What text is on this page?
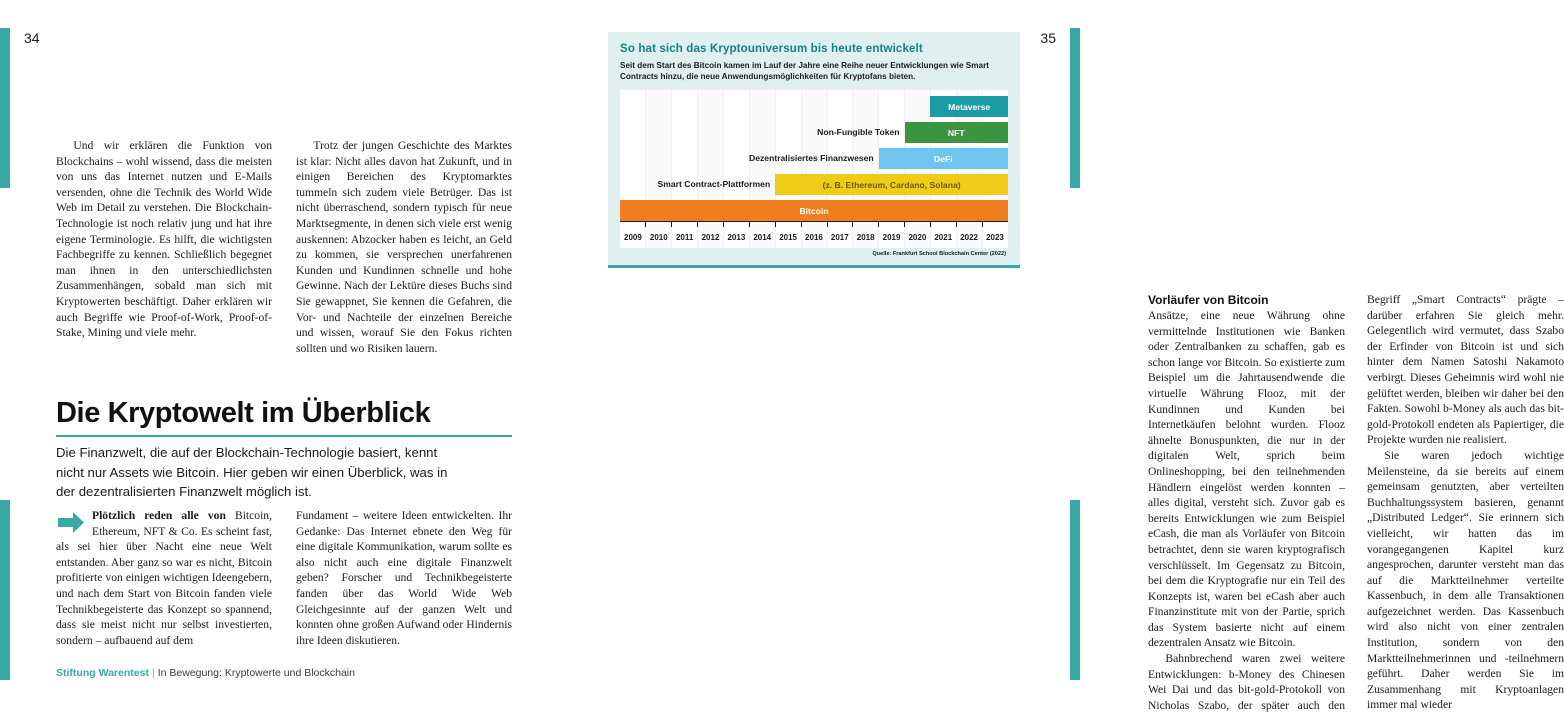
34

Und wir erklären die Funktion von Blockchains – wohl wissend, dass die meisten von uns das Internet nutzen und E-Mails versenden, ohne die Technik des World Wide Web im Detail zu verstehen. Die Blockchain-Technologie ist noch relativ jung und hat ihre eigene Terminologie. Es hilft, die wichtigsten Fachbegriffe zu kennen. Schließlich begegnet man ihnen in den unterschiedlichsten Zusammenhängen, sobald man sich mit Kryptowerten beschäftigt. Daher erklären wir auch Begriffe wie Proof-of-Work, Proof-of-Stake, Mining und viele mehr.

Trotz der jungen Geschichte des Marktes ist klar: Nicht alles davon hat Zukunft, und in einigen Bereichen des Kryptomarktes tummeln sich zudem viele Betrüger. Das ist nicht überraschend, sondern typisch für neue Marktsegmente, in denen sich viele erst wenig auskennen: Abzocker haben es leicht, an Geld zu kommen, sie versprechen unerfahrenen Kunden und Kundinnen schnelle und hohe Gewinne. Nach der Lektüre dieses Buchs sind Sie gewappnet, Sie kennen die Gefahren, die Vor- und Nachteile der einzelnen Bereiche und wissen, worauf Sie den Fokus richten sollten und wo Risiken lauern.

Die Kryptowelt im Überblick
Die Finanzwelt, die auf der Blockchain-Technologie basiert, kennt nicht nur Assets wie Bitcoin. Hier geben wir einen Überblick, was in der dezentralisierten Finanzwelt möglich ist.

Plötzlich reden alle von Bitcoin, Ethereum, NFT & Co. Es scheint fast, als sei hier über Nacht eine neue Welt entstanden. Aber ganz so war es nicht, Bitcoin profitierte von einigen wichtigen Ideengebern, und nach dem Start von Bitcoin fanden viele Technikbegeisterte das Konzept so spannend, dass sie meist nicht nur selbst investierten, sondern – aufbauend auf dem

Fundament – weitere Ideen entwickelten. Ihr Gedanke: Das Internet ebnete den Weg für eine digitale Kommunikation, warum sollte es also nicht auch eine digitale Finanzwelt geben? Forscher und Technikbegeisterte fanden über das World Wide Web Gleichgesinnte auf der ganzen Welt und konnten ohne großen Aufwand oder Hindernis ihre Ideen diskutieren.

Stiftung Warentest | In Bewegung: Kryptowerte und Blockchain
35
So hat sich das Kryptouniversum bis heute entwickelt
Seit dem Start des Bitcoin kamen im Lauf der Jahre eine Reihe neuer Entwicklungen wie Smart Contracts hinzu, die neue Anwendungsmöglichkeiten für Kryptofans bieten.
Metaverse
NFT
Non-Fungible Token
DeFi
Dezentralisiertes Finanzwesen
(z. B. Ethereum, Cardano, Solana)
Smart Contract-Plattformen
Bitcoin
2009	2010	2011	2012	2013	2014	2015	2016	2017	2018	2019	2020	2021	2022	2023
Quelle: Frankfurt School Blockchain Center (2022)
Vorläufer von Bitcoin

Ansätze, eine neue Währung ohne vermittelnde Institutionen wie Banken oder Zentralbanken zu schaffen, gab es schon lange vor Bitcoin. So existierte zum Beispiel um die Jahrtausendwende die virtuelle Währung Flooz, mit der Kundinnen und Kunden bei Internetkäufen belohnt wurden. Flooz ähnelte Bonuspunkten, die nur in der digitalen Welt, sprich beim Onlineshopping, bei den teilnehmenden Händlern eingelöst werden konnten – alles digital, versteht sich. Zuvor gab es bereits Entwicklungen wie zum Beispiel eCash, die man als Vorläufer von Bitcoin betrachtet, denn sie waren kryptografisch verschlüsselt. Im Gegensatz zu Bitcoin, bei dem die Kryptografie nur ein Teil des Konzepts ist, waren bei eCash aber auch Finanzinstitute mit von der Partie, sprich das System basierte nicht auf einem dezentralen Ansatz wie Bitcoin.

Bahnbrechend waren zwei weitere Entwicklungen: b-Money des Chinesen Wei Dai und das bit-gold-Protokoll von Nicholas Szabo, der später auch den Begriff „Smart Contracts“ prägte – darüber erfahren Sie gleich mehr. Gelegentlich wird vermutet, dass Szabo der Erfinder von Bitcoin ist und sich hinter dem Namen Satoshi Nakamoto verbirgt. Dieses Geheimnis wird wohl nie gelüftet werden, bleiben wir daher bei den Fakten. Sowohl b-Money als auch das bit-gold-Protokoll endeten als Papiertiger, die Projekte wurden nie realisiert.

Sie waren jedoch wichtige Meilensteine, da sie bereits auf einem gemeinsam genutzten, aber verteilten Buchhaltungssystem basieren, genannt „Distributed Ledger“. Sie erinnern sich vielleicht, wir hatten das im vorangegangenen Kapitel kurz angesprochen, darunter versteht man das auf die Marktteilnehmer verteilte Kassenbuch, in dem alle Transaktionen aufgezeichnet werden. Das Kassenbuch wird also nicht von einer zentralen Institution, sondern von den Marktteilnehmerinnen und -teilnehmern geführt. Daher werden Sie im Zusammenhang mit Kryptoanlagen immer mal wieder
